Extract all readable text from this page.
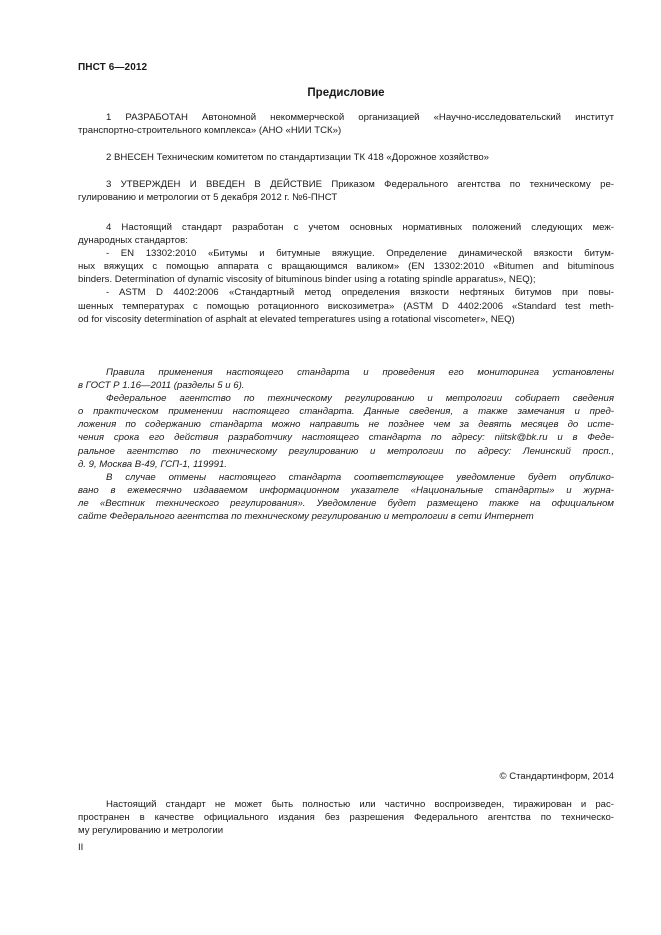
ПНСТ 6—2012
Предисловие
1 РАЗРАБОТАН Автономной некоммерческой организацией «Научно-исследовательский институт
транспортно-строительного комплекса» (АНО «НИИ ТСК»)
2 ВНЕСЕН Техническим комитетом по стандартизации ТК 418 «Дорожное хозяйство»
3 УТВЕРЖДЕН И ВВЕДЕН В ДЕЙСТВИЕ Приказом Федерального агентства по техническому ре-
гулированию и метрологии от 5 декабря 2012 г. №6-ПНСТ
4 Настоящий стандарт разработан с учетом основных нормативных положений следующих меж-
дународных стандартов:
- EN 13302:2010 «Битумы и битумные вяжущие. Определение динамической вязкости битум-
ных вяжущих с помощью аппарата с вращающимся валиком» (EN 13302:2010 «Bitumen and bituminous
binders. Determination of dynamic viscosity of bituminous binder using a rotating spindle apparatus», NEQ);
- ASTM D 4402:2006 «Стандартный метод определения вязкости нефтяных битумов при повы-
шенных температурах с помощью ротационного вискозиметра» (ASTM D 4402:2006 «Standard test meth-
od for viscosity determination of asphalt at elevated temperatures using a rotational viscometer», NEQ)
Правила применения настоящего стандарта и проведения его мониторинга установлены
в ГОСТ Р 1.16—2011 (разделы 5 и 6).
Федеральное агентство по техническому регулированию и метрологии собирает сведения
о практическом применении настоящего стандарта. Данные сведения, а также замечания и пред-
ложения по содержанию стандарта можно направить не позднее чем за девять месяцев до исте-
чения срока его действия разработчику настоящего стандарта по адресу: niitsk@bk.ru и в Феде-
ральное агентство по техническому регулированию и метрологии по адресу: Ленинский просп.,
д. 9, Москва В-49, ГСП-1, 119991.
В случае отмены настоящего стандарта соответствующее уведомление будет опублико-
вано в ежемесячно издаваемом информационном указателе «Национальные стандарты» и журна-
ле «Вестник технического регулирования». Уведомление будет размещено также на официальном
сайте Федерального агентства по техническому регулированию и метрологии в сети Интернет
© Стандартинформ, 2014
Настоящий стандарт не может быть полностью или частично воспроизведен, тиражирован и рас-
пространен в качестве официального издания без разрешения Федерального агентства по техническо-
му регулированию и метрологии
II
